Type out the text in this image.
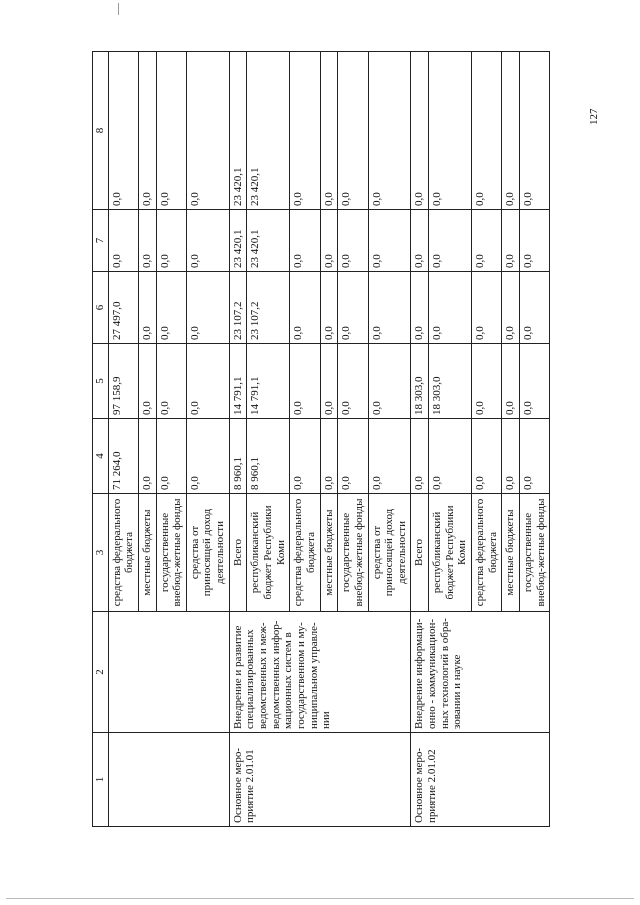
1	2	3	4	5	6	7	8
		средства федерального бюджета	71 264,0	97 158,9	27 497,0	0,0	0,0
		местные бюджеты	0,0	0,0	0,0	0,0	0,0
		государственные внебюд-жетные фонды	0,0	0,0	0,0	0,0	0,0
		средства от приносящей доход деятельности	0,0	0,0	0,0	0,0	0,0
Основное меро-приятие 2.01.01	Внедрение и развитие специализированных ведомственных и меж-ведомственных инфор-мационных систем в государственном и му-ниципальном управле-нии	Всего	8 960,1	14 791,1	23 107,2	23 420,1	23 420,1
		республиканский бюджет Республики Коми	8 960,1	14 791,1	23 107,2	23 420,1	23 420,1
		средства федерального бюджета	0,0	0,0	0,0	0,0	0,0
		местные бюджеты	0,0	0,0	0,0	0,0	0,0
		государственные внебюд-жетные фонды	0,0	0,0	0,0	0,0	0,0
		средства от приносящей доход деятельности	0,0	0,0	0,0	0,0	0,0
Основное меро-приятие 2.01.02	Внедрение информаци-онно - коммуникацион-ных технологий в обра-зовании и науке	Всего	0,0	18 303,0	0,0	0,0	0,0
		республиканский бюджет Республики Коми	0,0	18 303,0	0,0	0,0	0,0
		средства федерального бюджета	0,0	0,0	0,0	0,0	0,0
		местные бюджеты	0,0	0,0	0,0	0,0	0,0
		государственные внебюд-жетные фонды	0,0	0,0	0,0	0,0	0,0
127
